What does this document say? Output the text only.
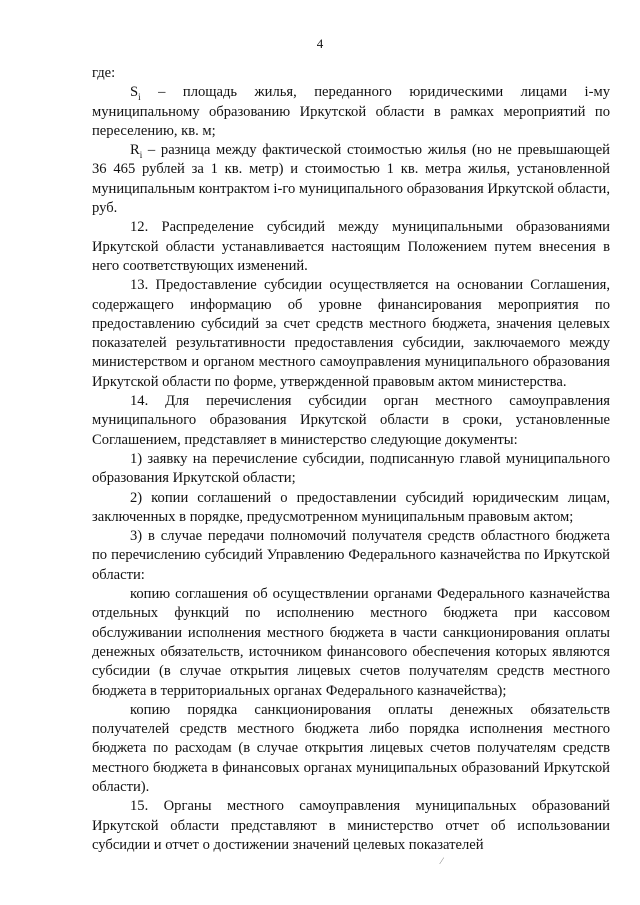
4

где:

$S_i$ – площадь жилья, переданного юридическими лицами i-му муниципальному образованию Иркутской области в рамках мероприятий по переселению, кв. м;

$R_i$ – разница между фактической стоимостью жилья (но не превышающей 36 465 рублей за 1 кв. метр) и стоимостью 1 кв. метра жилья, установленной муниципальным контрактом i-го муниципального образования Иркутской области, руб.

12. Распределение субсидий между муниципальными образованиями Иркутской области устанавливается настоящим Положением путем внесения в него соответствующих изменений.

13. Предоставление субсидии осуществляется на основании Соглашения, содержащего информацию об уровне финансирования мероприятия по предоставлению субсидий за счет средств местного бюджета, значения целевых показателей результативности предоставления субсидии, заключаемого между министерством и органом местного самоуправления муниципального образования Иркутской области по форме, утвержденной правовым актом министерства.

14. Для перечисления субсидии орган местного самоуправления муниципального образования Иркутской области в сроки, установленные Соглашением, представляет в министерство следующие документы:

1) заявку на перечисление субсидии, подписанную главой муниципального образования Иркутской области;

2) копии соглашений о предоставлении субсидий юридическим лицам, заключенных в порядке, предусмотренном муниципальным правовым актом;

3) в случае передачи полномочий получателя средств областного бюджета по перечислению субсидий Управлению Федерального казначейства по Иркутской области:

копию соглашения об осуществлении органами Федерального казначейства отдельных функций по исполнению местного бюджета при кассовом обслуживании исполнения местного бюджета в части санкционирования оплаты денежных обязательств, источником финансового обеспечения которых являются субсидии (в случае открытия лицевых счетов получателям средств местного бюджета в территориальных органах Федерального казначейства);

копию порядка санкционирования оплаты денежных обязательств получателей средств местного бюджета либо порядка исполнения местного бюджета по расходам (в случае открытия лицевых счетов получателям средств местного бюджета в финансовых органах муниципальных образований Иркутской области).

15. Органы местного самоуправления муниципальных образований Иркутской области представляют в министерство отчет об использовании субсидии и отчет о достижении значений целевых показателей

⁄
